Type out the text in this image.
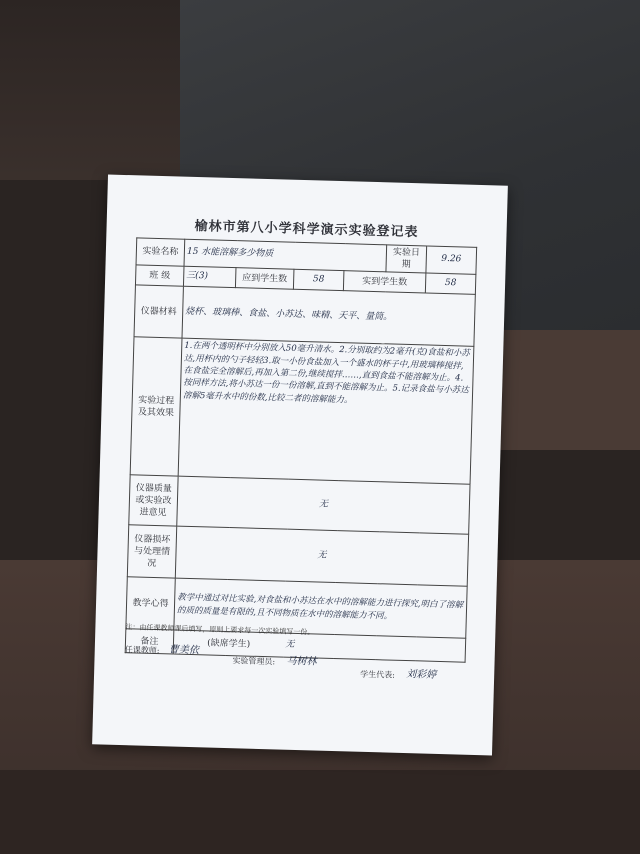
榆林市第八小学科学演示实验登记表
实验名称	15 水能溶解多少物质				实验日期	9.26
班 级	三(3)	应到学生数	58	实到学生数		58
仪器材料	烧杯、玻璃棒、食盐、小苏达、味精、天平、量筒。					
实验过程及其效果	1.在两个透明杯中分别放入50毫升清水。2.分别取约为2毫升(克)食盐和小苏达,用杯内的勺子轻轻3.取一小份食盐加入一个盛水的杯子中,用玻璃棒搅拌,在食盐完全溶解后,再加入第二份,继续搅拌……,直到食盐不能溶解为止。4.按同样方法,将小苏达一份一份溶解,直到不能溶解为止。5.记录食盐与小苏达溶解5毫升水中的份数,比较二者的溶解能力。					
仪器质量或实验改进意见	无					
仪器损坏与处理情况	无					
教学心得	教学中通过对比实验,对食盐和小苏达在水中的溶解能力进行探究,明白了溶解的质的质量是有限的,且不同物质在水中的溶解能力不同。					
备注	(缺席学生)		无			
注：由任课教师课后填写，原则上要求每一次实验填写一份。
任课教师: 曹美依
实验管理员: 马树林
学生代表: 刘彩婷
